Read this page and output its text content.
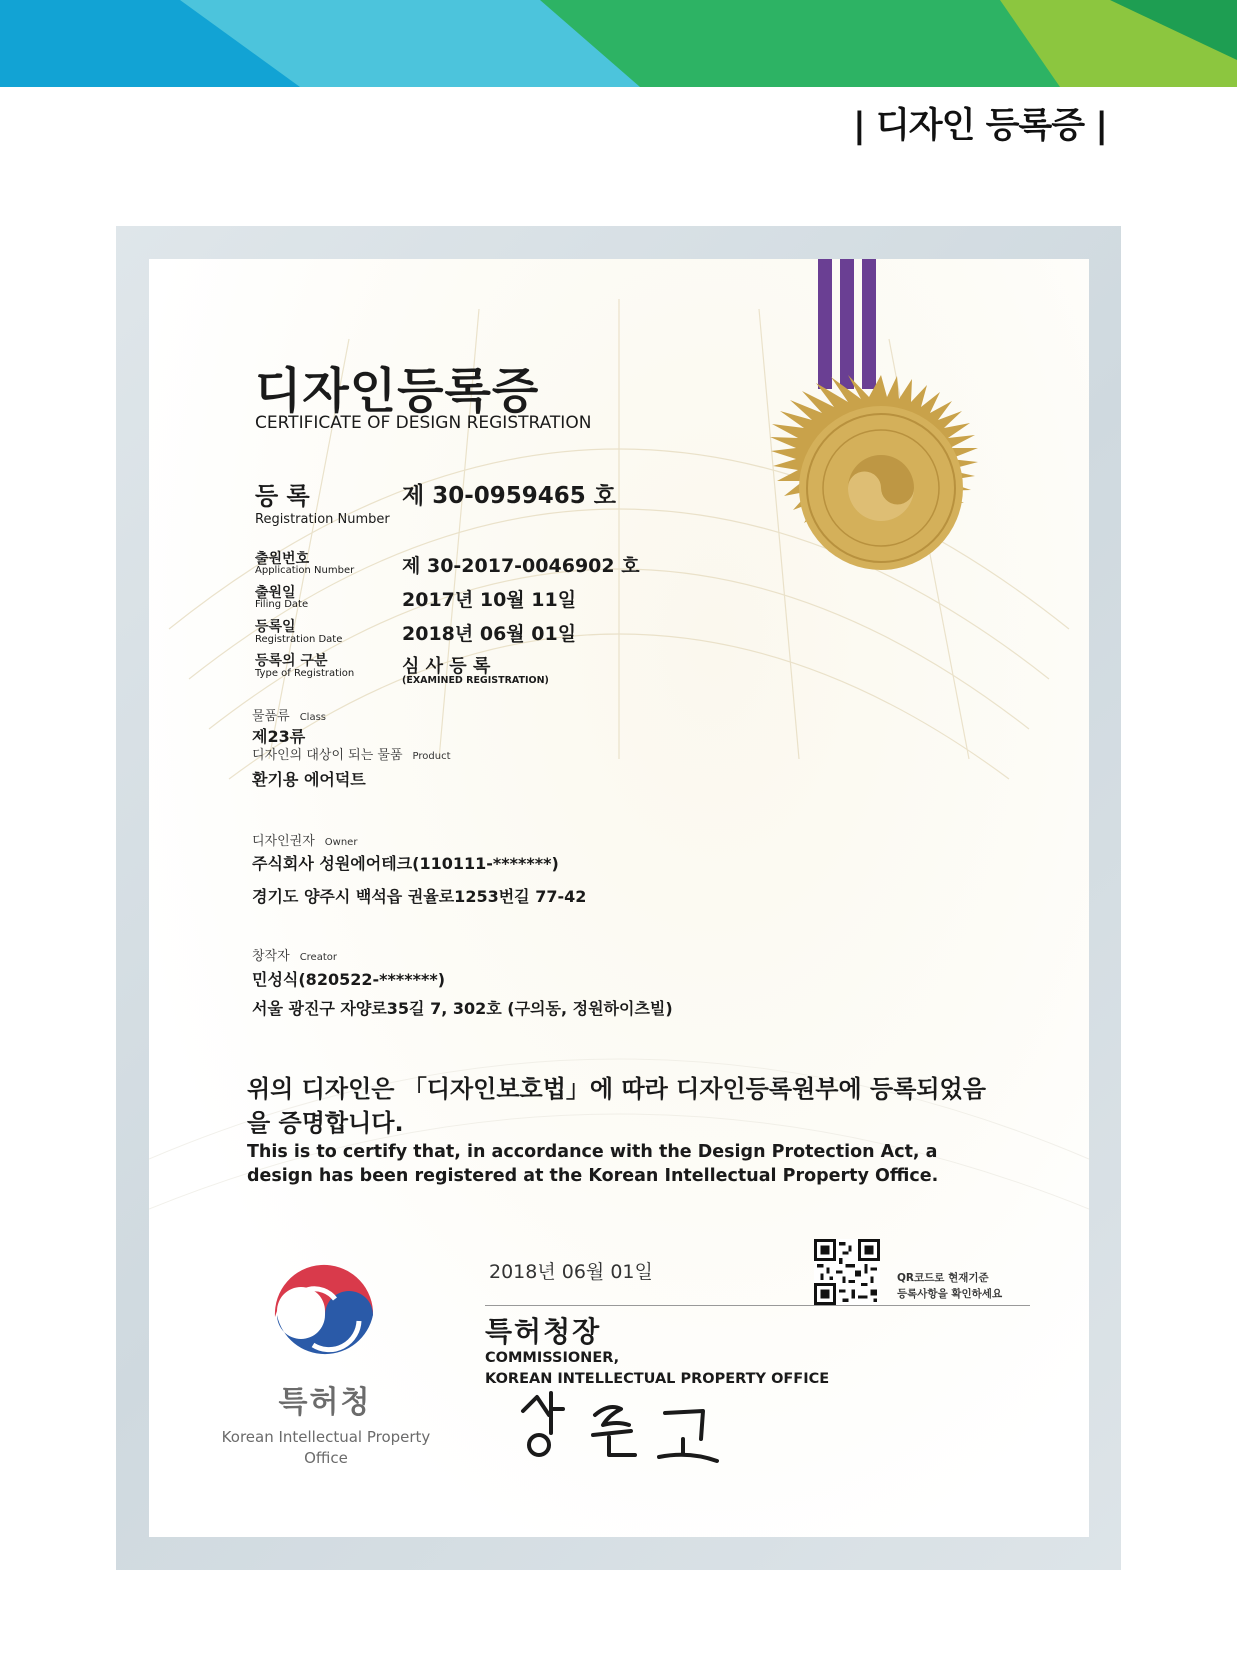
| 디자인 등록증 |
디자인등록증
CERTIFICATE OF DESIGN REGISTRATION
등 록
Registration Number
제 30-0959465 호
출원번호
Application Number	제 30-2017-0046902 호
출원일
Filing Date	2017년 10월 11일
등록일
Registration Date	2018년 06월 01일
등록의 구분
Type of Registration	심 사 등 록
(EXAMINED REGISTRATION)
물품류 Class
제23류
디자인의 대상이 되는 물품 Product
환기용 에어덕트
디자인권자 Owner
주식회사 성원에어테크(110111-*******)
경기도 양주시 백석읍 권율로1253번길 77-42
창작자 Creator
민성식(820522-*******)
서울 광진구 자양로35길 7, 302호 (구의동, 정원하이츠빌)
위의 디자인은 「디자인보호법」에 따라 디자인등록원부에 등록되었음을 증명합니다.
This is to certify that, in accordance with the Design Protection Act, a design has been registered at the Korean Intellectual Property Office.
QR코드로 현재기준
등록사항을 확인하세요
2018년 06월 01일
특허청장
COMMISSIONER,
KOREAN INTELLECTUAL PROPERTY OFFICE
특허청
Korean Intellectual Property Office
